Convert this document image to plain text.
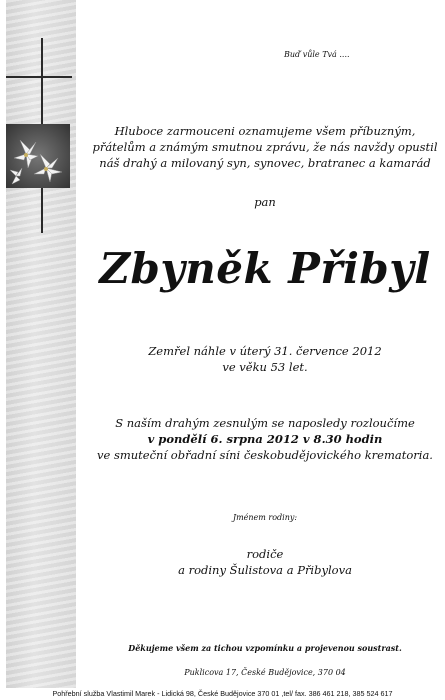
Buď vůle Tvá ....
Hluboce zarmouceni oznamujeme všem příbuzným,
přátelům a známým smutnou zprávu, že nás navždy opustil
náš drahý a milovaný syn, synovec, bratranec a kamarád
pan
Zbyněk Přibyl
Zemřel náhle v úterý 31. července 2012
ve věku 53 let.
S naším drahým zesnulým se naposledy rozloučíme
v pondělí 6. srpna 2012 v 8.30 hodin
ve smuteční obřadní síni českobudějovického krematoria.
Jménem rodiny:
rodiče
a rodiny Šulistova a Přibylova
Děkujeme všem za tichou vzpomínku a projevenou soustrast.
Puklicova 17, České Budějovice, 370 04
Pohřební služba Vlastimil Marek - Lidická 98, České Budějovice 370 01 ,tel/ fax. 386 461 218, 385 524 617
